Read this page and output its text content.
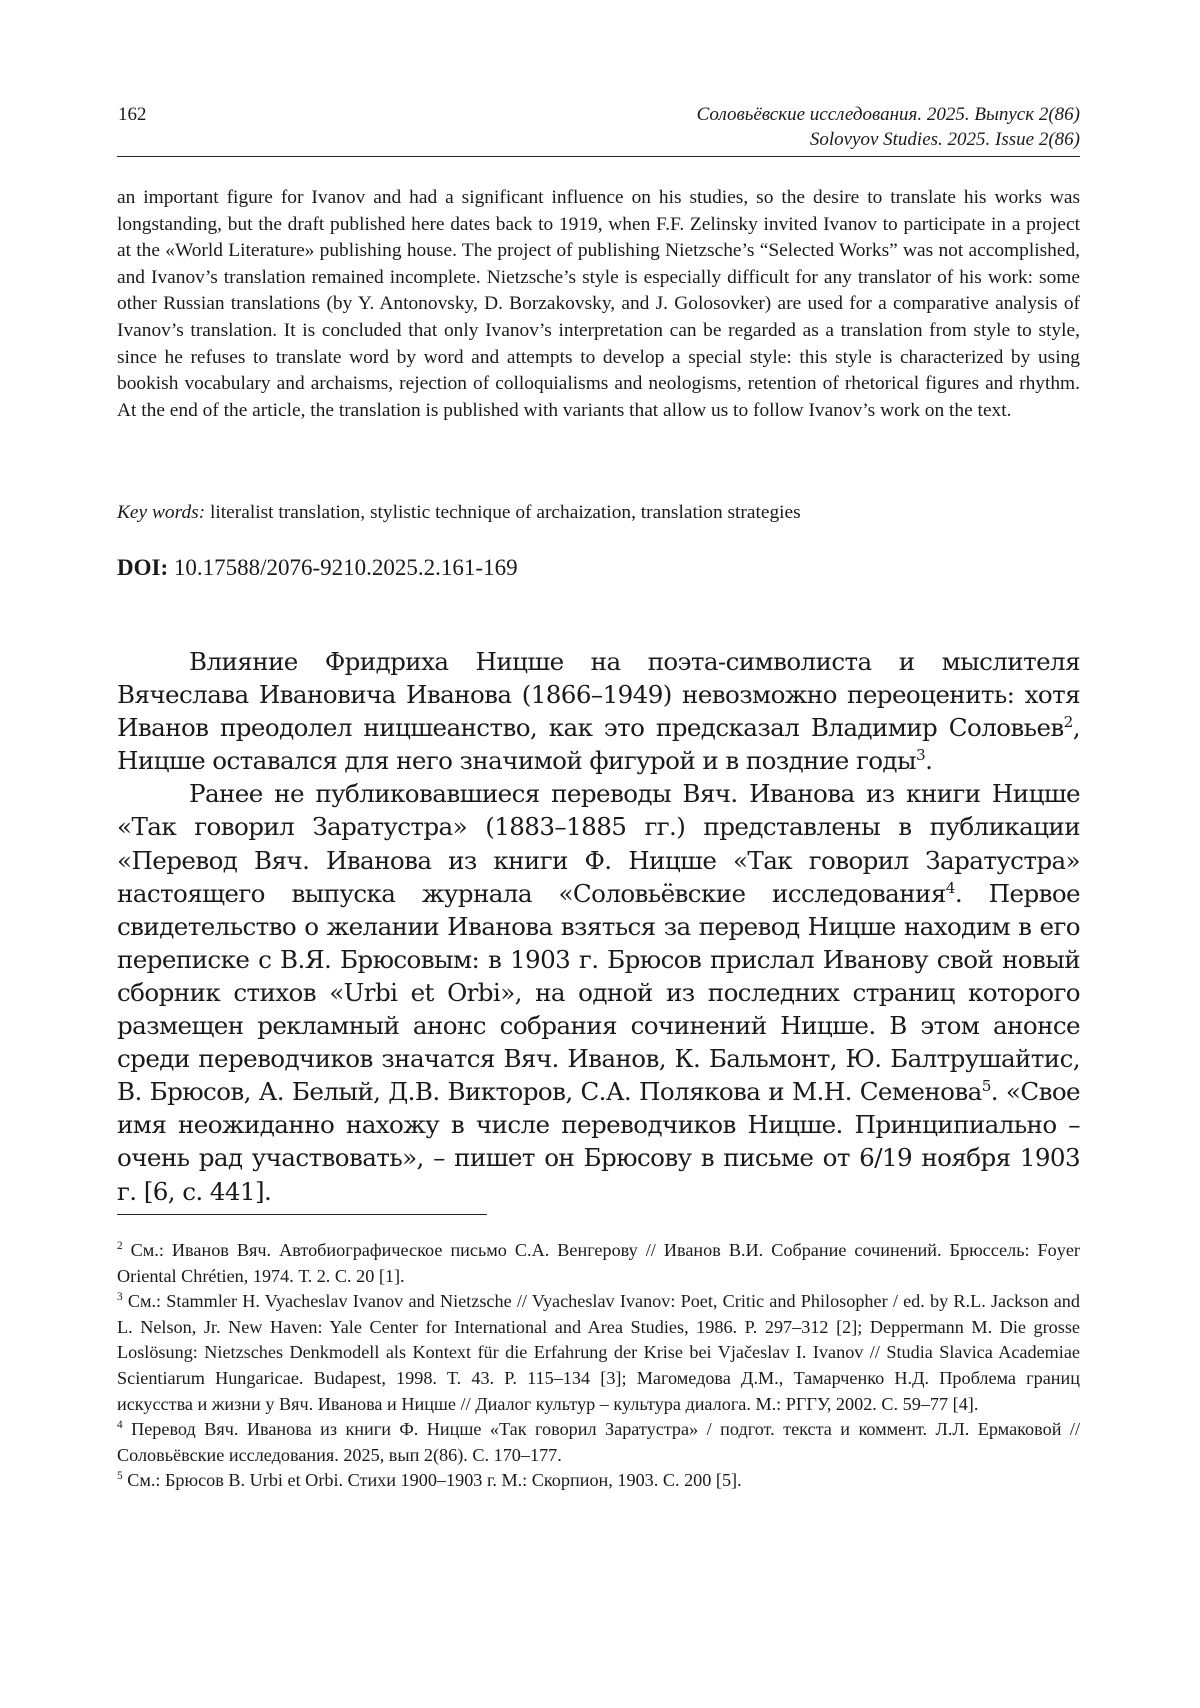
162	Соловьёвские исследования. 2025. Выпуск 2(86)
Solovyov Studies. 2025. Issue 2(86)

an important figure for Ivanov and had a significant influence on his studies, so the desire to translate his works was longstanding, but the draft published here dates back to 1919, when F.F. Zelinsky invited Ivanov to participate in a project at the «World Literature» publishing house. The project of publishing Nietzsche’s “Selected Works” was not accomplished, and Ivanov’s translation remained incomplete. Nietzsche’s style is especially difficult for any translator of his work: some other Russian translations (by Y. Antonovsky, D. Borzakovsky, and J. Golosovker) are used for a comparative analysis of Ivanov’s translation. It is concluded that only Ivanov’s interpretation can be regarded as a translation from style to style, since he refuses to translate word by word and attempts to develop a special style: this style is characterized by using bookish vocabulary and archaisms, rejection of colloquialisms and neologisms, retention of rhetorical figures and rhythm. At the end of the article, the translation is published with variants that allow us to follow Ivanov’s work on the text.

Key words: literalist translation, stylistic technique of archaization, translation strategies

DOI: 10.17588/2076-9210.2025.2.161-169

Влияние Фридриха Ницше на поэта-символиста и мыслителя Вячеслава Ивановича Иванова (1866–1949) невозможно переоценить: хотя Иванов преодолел ницшеанство, как это предсказал Владимир Соловьев$^2$, Ницше оставался для него значимой фигурой и в поздние годы$^3$.

Ранее не публиковавшиеся переводы Вяч. Иванова из книги Ницше «Так говорил Заратустра» (1883–1885 гг.) представлены в публикации «Перевод Вяч. Иванова из книги Ф. Ницше «Так говорил Заратустра» настоящего выпуска журнала «Соловьёвские исследования$^4$. Первое свидетельство о желании Иванова взяться за перевод Ницше находим в его переписке с В.Я. Брюсовым: в 1903 г. Брюсов прислал Иванову свой новый сборник стихов «Urbi et Orbi», на одной из последних страниц которого размещен рекламный анонс собрания сочинений Ницше. В этом анонсе среди переводчиков значатся Вяч. Иванов, К. Бальмонт, Ю. Балтрушайтис, В. Брюсов, А. Белый, Д.В. Викторов, С.А. Полякова и М.Н. Семенова$^5$. «Свое имя неожиданно нахожу в числе переводчиков Ницше. Принципиально – очень рад участвовать», – пишет он Брюсову в письме от 6/19 ноября 1903 г. [6, с. 441].

$^2$ См.: Иванов Вяч. Автобиографическое письмо С.А. Венгерову // Иванов В.И. Собрание сочинений. Брюссель: Foyer Oriental Chrétien, 1974. Т. 2. С. 20 [1].

$^3$ См.: Stammler H. Vyacheslav Ivanov and Nietzsche // Vyacheslav Ivanov: Poet, Critic and Philosopher / ed. by R.L. Jackson and L. Nelson, Jr. New Haven: Yale Center for International and Area Studies, 1986. P. 297–312 [2]; Deppermann M. Die grosse Loslösung: Nietzsches Denkmodell als Kontext für die Erfahrung der Krise bei Vjačeslav I. Ivanov // Studia Slavica Academiae Scientiarum Hungaricae. Budapest, 1998. T. 43. P. 115–134 [3]; Магомедова Д.М., Тамарченко Н.Д. Проблема границ искусства и жизни у Вяч. Иванова и Ницше // Диалог культур – культура диалога. М.: РГГУ, 2002. С. 59–77 [4].

$^4$ Перевод Вяч. Иванова из книги Ф. Ницше «Так говорил Заратустра» / подгот. текста и коммент. Л.Л. Ермаковой // Соловьёвские исследования. 2025, вып 2(86). С. 170–177.

$^5$ См.: Брюсов В. Urbi et Orbi. Стихи 1900–1903 г. М.: Скорпион, 1903. С. 200 [5].
